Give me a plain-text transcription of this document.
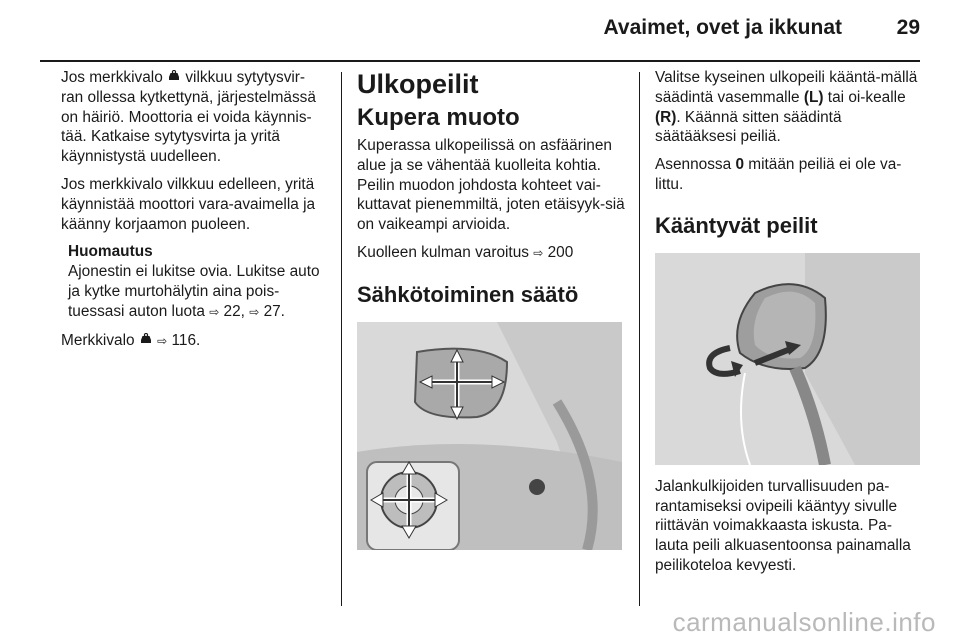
Avaimet, ovet ja ikkunat	29

Jos merkkivalo vilkkuu sytytysvir-ran ollessa kytkettynä, järjestelmässä on häiriö. Moottoria ei voida käynnis-tää. Katkaise sytytysvirta ja yritä käynnistystä uudelleen.

Jos merkkivalo vilkkuu edelleen, yritä käynnistää moottori vara-avaimella ja käänny korjaamon puoleen.

Huomautus
Ajonestin ei lukitse ovia. Lukitse auto ja kytke murtohälytin aina pois-tuessasi auton luota ⇨ 22, ⇨ 27.

Merkkivalo ⇨ 116.

Ulkopeilit
Kupera muoto

Kuperassa ulkopeilissä on asfäärinen alue ja se vähentää kuolleita kohtia. Peilin muodon johdosta kohteet vai-kuttavat pienemmiltä, joten etäisyyk-siä on vaikeampi arvioida.

Kuolleen kulman varoitus ⇨ 200

Sähkötoiminen säätö

Valitse kyseinen ulkopeili kääntä-mällä säädintä vasemmalle (L) tai oi-kealle (R). Käännä sitten säädintä säätääksesi peiliä.

Asennossa 0 mitään peiliä ei ole va-littu.

Kääntyvät peilit

Jalankulkijoiden turvallisuuden pa-rantamiseksi ovipeili kääntyy sivulle riittävän voimakkaasta iskusta. Pa-lauta peili alkuasentoonsa painamalla peilikoteloa kevyesti.

carmanualsonline.info
